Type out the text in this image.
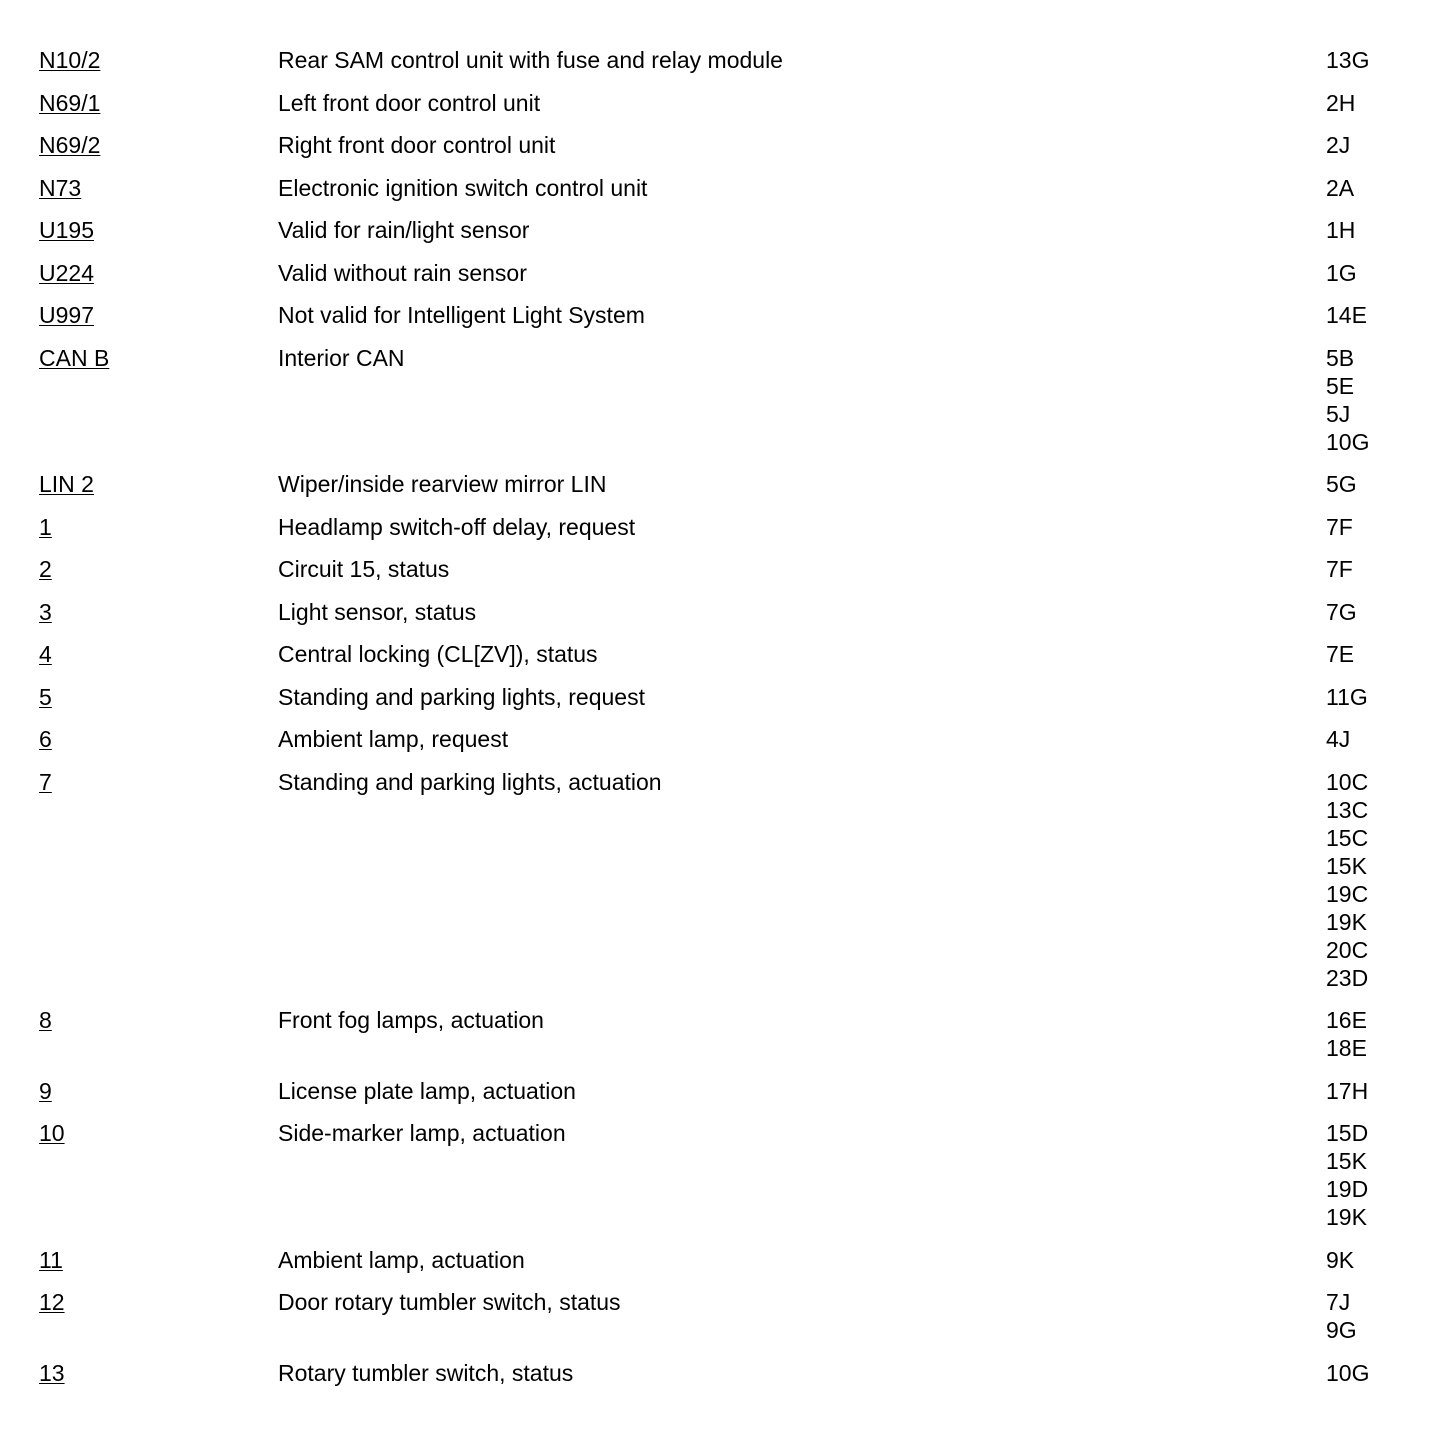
N10/2	Rear SAM control unit with fuse and relay module	13G
N69/1	Left front door control unit	2H
N69/2	Right front door control unit	2J
N73	Electronic ignition switch control unit	2A
U195	Valid for rain/light sensor	1H
U224	Valid without rain sensor	1G
U997	Not valid for Intelligent Light System	14E
CAN B	Interior CAN	5B
5E
5J
10G
LIN 2	Wiper/inside rearview mirror LIN	5G
1	Headlamp switch-off delay, request	7F
2	Circuit 15, status	7F
3	Light sensor, status	7G
4	Central locking (CL[ZV]), status	7E
5	Standing and parking lights, request	11G
6	Ambient lamp, request	4J
7	Standing and parking lights, actuation	10C
13C
15C
15K
19C
19K
20C
23D
8	Front fog lamps, actuation	16E
18E
9	License plate lamp, actuation	17H
10	Side-marker lamp, actuation	15D
15K
19D
19K
11	Ambient lamp, actuation	9K
12	Door rotary tumbler switch, status	7J
9G
13	Rotary tumbler switch, status	10G
